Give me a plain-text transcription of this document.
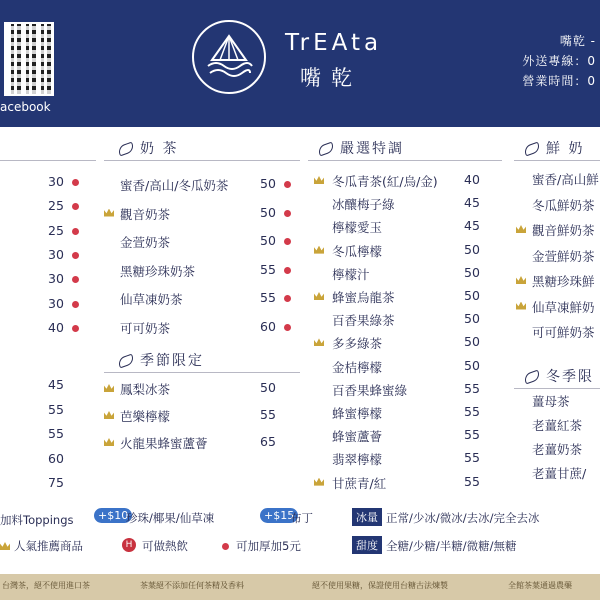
acebook
TrEAta
嘴乾
嘴乾 -
外送專線：0
營業時間：0
30
25
25
30
30
30
40
45
55
55
60
75
奶 茶
蜜香/高山/冬瓜奶茶	50
觀音奶茶	50
金萱奶茶	50
黑糖珍珠奶茶	55
仙草凍奶茶	55
可可奶茶	60
季節限定
鳳梨冰茶	50
芭樂檸檬	55
火龍果蜂蜜蘆薈	65
嚴選特調
冬瓜青茶(紅/烏/金) 40
冰釀梅子綠	45
檸檬愛玉	45
冬瓜檸檬	50
檸檬汁	50
蜂蜜烏龍茶	50
百香果綠茶	50
多多綠茶	50
金桔檸檬	50
百香果蜂蜜綠	55
蜂蜜檸檬	55
蜂蜜蘆薈	55
翡翠檸檬	55
甘蔗青/紅	55
鮮 奶
蜜香/高山鮮
冬瓜鮮奶茶
觀音鮮奶茶
金萱鮮奶茶
黑糖珍珠鮮
仙草凍鮮奶
可可鮮奶茶
冬季限
薑母茶
老薑紅茶
老薑奶茶
老薑甘蔗/
加料Toppings	+$10
珍珠/椰果/仙草凍	+$15
布丁	冰量 正常/少冰/微冰/去冰/完全去冰
人氣推薦商品	H 可做熱飲	可加厚加5元	甜度 全糖/少糖/半糖/微糖/無糖
台灣茶，絕不使用進口茶	茶葉絕不添加任何茶精及香料	絕不使用果糖，保證使用台糖古法煉製	全館茶葉通過農藥
